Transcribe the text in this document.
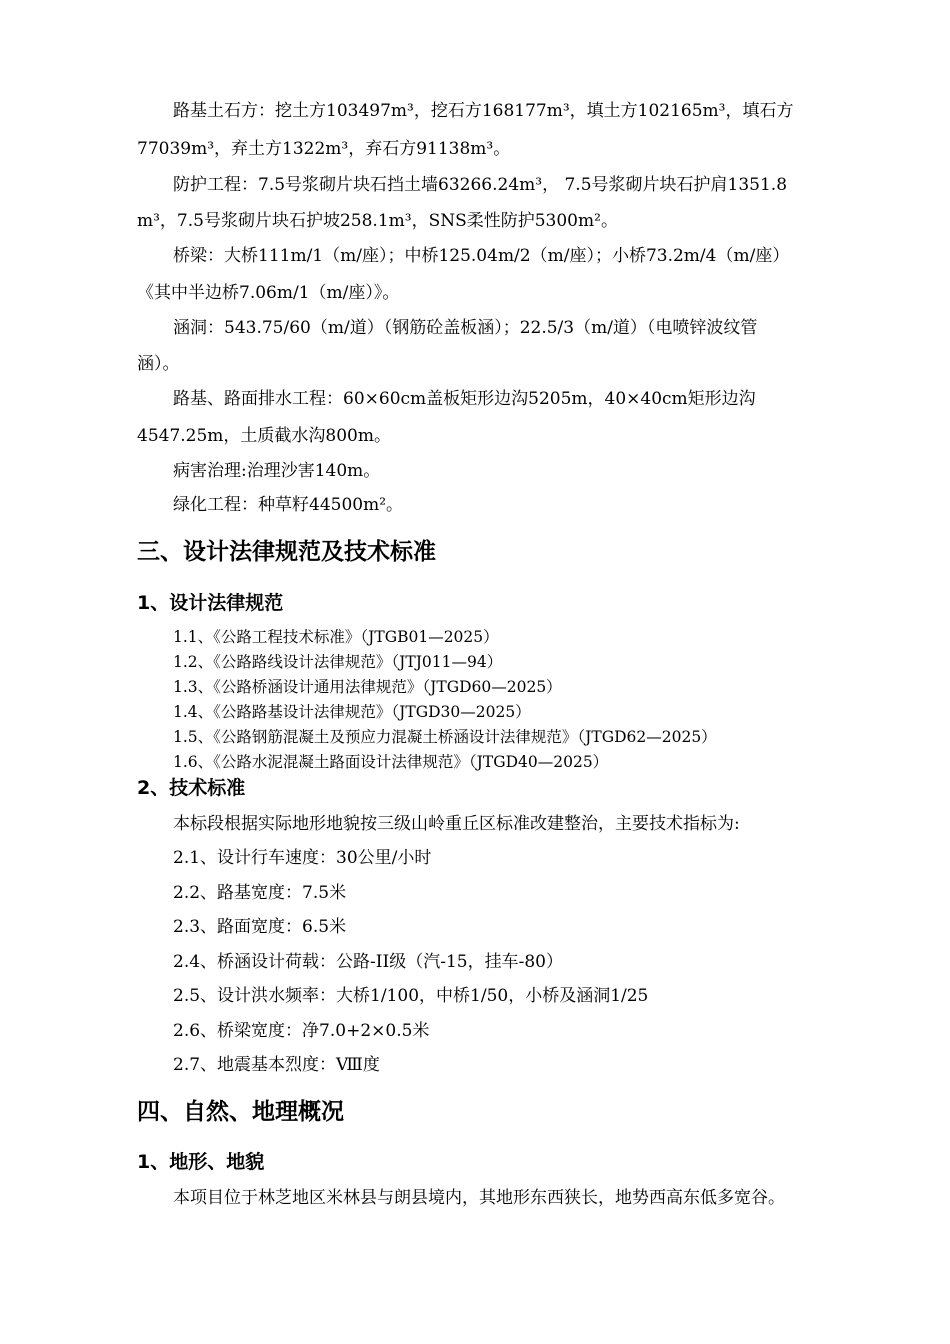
路基土石方：挖土方103497m³，挖石方168177m³，填土方102165m³，填石方
77039m³，弃土方1322m³，弃石方91138m³。
防护工程：7.5号浆砌片块石挡土墙63266.24m³， 7.5号浆砌片块石护肩1351.8
m³，7.5号浆砌片块石护坡258.1m³，SNS柔性防护5300m²。
桥梁：大桥111m/1（m/座）；中桥125.04m/2（m/座）；小桥73.2m/4（m/座）
《其中半边桥7.06m/1（m/座）》。
涵洞：543.75/60（m/道）（钢筋砼盖板涵）；22.5/3（m/道）（电喷锌波纹管
涵）。
路基、路面排水工程：60×60cm盖板矩形边沟5205m，40×40cm矩形边沟
4547.25m，土质截水沟800m。
病害治理:治理沙害140m。
绿化工程：种草籽44500m²。
三、设计法律规范及技术标准
1、设计法律规范
1.1、《公路工程技术标准》（JTGB01—2025）
1.2、《公路路线设计法律规范》（JTJ011—94）
1.3、《公路桥涵设计通用法律规范》（JTGD60—2025）
1.4、《公路路基设计法律规范》（JTGD30—2025）
1.5、《公路钢筋混凝土及预应力混凝土桥涵设计法律规范》（JTGD62—2025）
1.6、《公路水泥混凝土路面设计法律规范》（JTGD40—2025）
2、技术标准
本标段根据实际地形地貌按三级山岭重丘区标准改建整治，主要技术指标为:
2.1、设计行车速度：30公里/小时
2.2、路基宽度：7.5米
2.3、路面宽度：6.5米
2.4、桥涵设计荷载：公路-II级（汽-15，挂车-80）
2.5、设计洪水频率：大桥1/100，中桥1/50，小桥及涵洞1/25
2.6、桥梁宽度：净7.0+2×0.5米
2.7、地震基本烈度：Ⅷ度
四、自然、地理概况
1、地形、地貌
本项目位于林芝地区米林县与朗县境内，其地形东西狭长，地势西高东低多宽谷。
